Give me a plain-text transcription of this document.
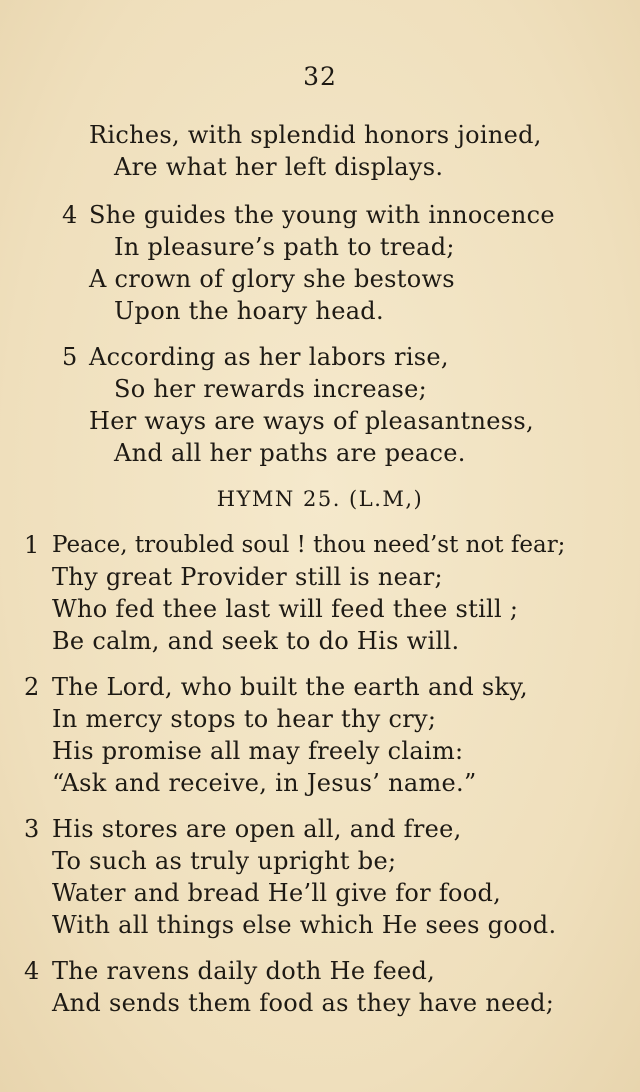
32
Riches, with splendid honors joined,
Are what her left displays.
4 She guides the young with innocence
In pleasure’s path to tread;
A crown of glory she bestows
Upon the hoary head.
5 According as her labors rise,
So her rewards increase;
Her ways are ways of pleasantness,
And all her paths are peace.
HYMN 25. (L.M,)
1 Peace, troubled soul ! thou need’st not fear;
Thy great Provider still is near;
Who fed thee last will feed thee still ;
Be calm, and seek to do His will.
2 The Lord, who built the earth and sky,
In mercy stops to hear thy cry;
His promise all may freely claim:
“Ask and receive, in Jesus’ name.”
3 His stores are open all, and free,
To such as truly upright be;
Water and bread He’ll give for food,
With all things else which He sees good.
4 The ravens daily doth He feed,
And sends them food as they have need;
